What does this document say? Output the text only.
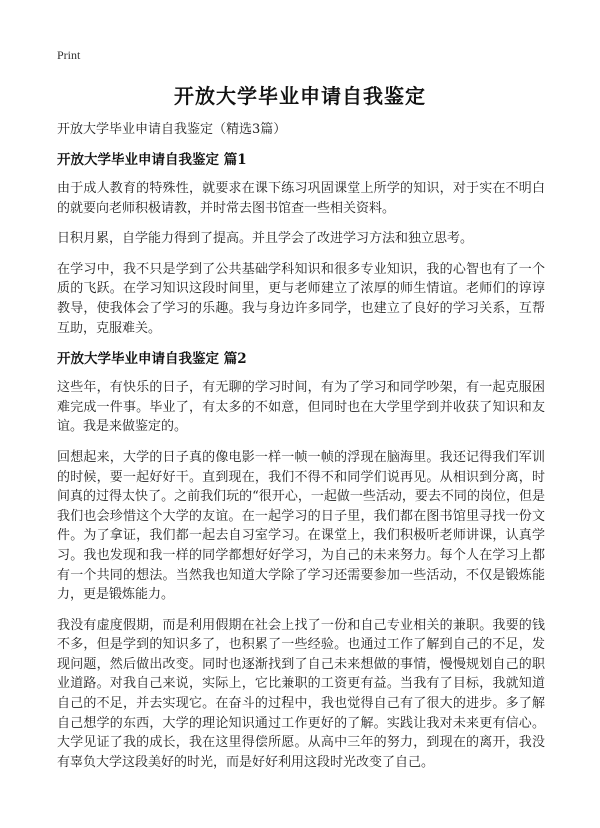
Print
开放大学毕业申请自我鉴定

开放大学毕业申请自我鉴定（精选3篇）

开放大学毕业申请自我鉴定 篇1

由于成人教育的特殊性，就要求在课下练习巩固课堂上所学的知识，对于实在不明白的就要向老师积极请教，并时常去图书馆查一些相关资料。

日积月累，自学能力得到了提高。并且学会了改进学习方法和独立思考。

在学习中，我不只是学到了公共基础学科知识和很多专业知识，我的心智也有了一个质的飞跃。在学习知识这段时间里，更与老师建立了浓厚的师生情谊。老师们的谆谆教导，使我体会了学习的乐趣。我与身边许多同学，也建立了良好的学习关系，互帮互助，克服难关。

开放大学毕业申请自我鉴定 篇2

这些年，有快乐的日子，有无聊的学习时间，有为了学习和同学吵架，有一起克服困难完成一件事。毕业了，有太多的不如意，但同时也在大学里学到并收获了知识和友谊。我是来做鉴定的。

回想起来，大学的日子真的像电影一样一帧一帧的浮现在脑海里。我还记得我们军训的时候，要一起好好干。直到现在，我们不得不和同学们说再见。从相识到分离，时间真的过得太快了。之前我们玩的“很开心，一起做一些活动，要去不同的岗位，但是我们也会珍惜这个大学的友谊。在一起学习的日子里，我们都在图书馆里寻找一份文件。为了拿证，我们都一起去自习室学习。在课堂上，我们积极听老师讲课，认真学习。我也发现和我一样的同学都想好好学习，为自己的未来努力。每个人在学习上都有一个共同的想法。当然我也知道大学除了学习还需要参加一些活动，不仅是锻炼能力，更是锻炼能力。

我没有虚度假期，而是利用假期在社会上找了一份和自己专业相关的兼职。我要的钱不多，但是学到的知识多了，也积累了一些经验。也通过工作了解到自己的不足，发现问题，然后做出改变。同时也逐渐找到了自己未来想做的事情，慢慢规划自己的职业道路。对我自己来说，实际上，它比兼职的工资更有益。当我有了目标，我就知道自己的不足，并去实现它。在奋斗的过程中，我也觉得自己有了很大的进步。多了解自己想学的东西，大学的理论知识通过工作更好的了解。实践让我对未来更有信心。大学见证了我的成长，我在这里得偿所愿。从高中三年的努力，到现在的离开，我没有辜负大学这段美好的时光，而是好好利用这段时光改变了自己。
